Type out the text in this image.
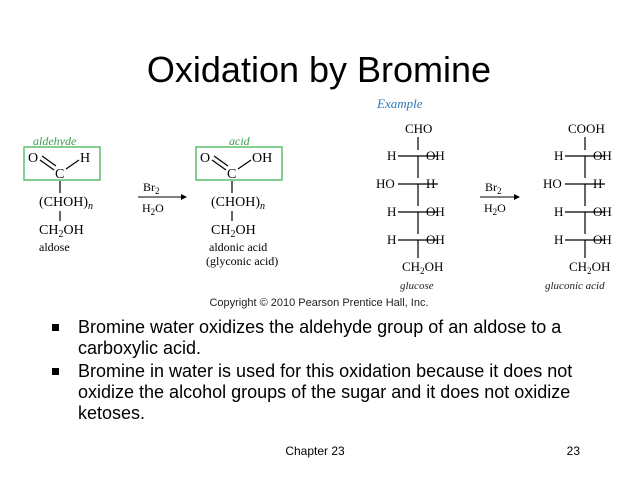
Oxidation by Bromine
aldehyde
O	H
C
$(CHOH)_n$
$CH_2OH$
aldose
$Br_2$
$H_2O$
acid
O	OH
C
$(CHOH)_n$
$CH_2OH$
aldonic acid
(glyconic acid)
Example
CHO
H OH
HO H
H OH
H OH
$CH_2OH$
glucose
$Br_2$
$H_2O$
COOH
H OH
HO H
H OH
H OH
$CH_2OH$
gluconic acid
Copyright © 2010 Pearson Prentice Hall, Inc.
Bromine water oxidizes the aldehyde group of an aldose to a carboxylic acid.
Bromine in water is used for this oxidation because it does not oxidize the alcohol groups of the sugar and it does not oxidize ketoses.
Chapter 23	23
